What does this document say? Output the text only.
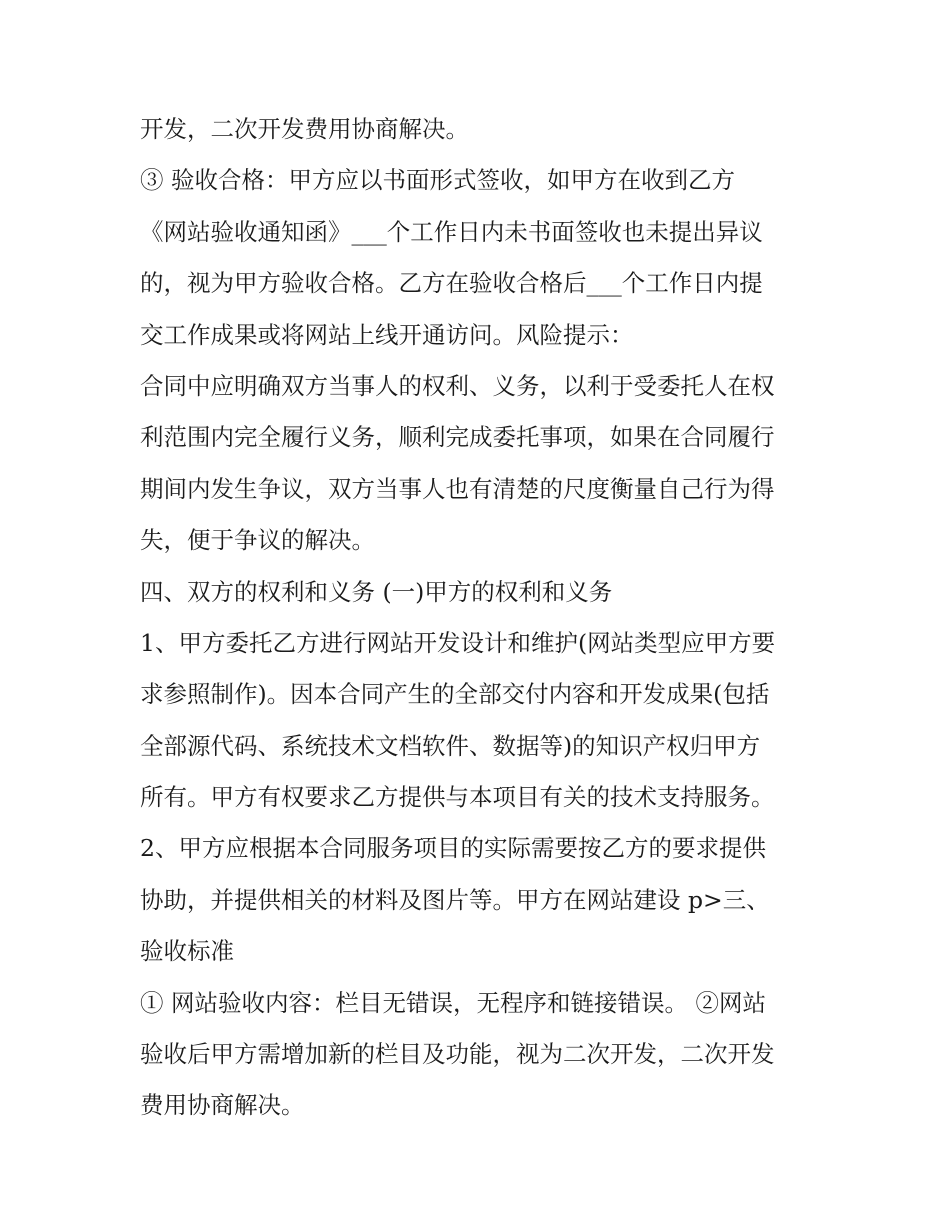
开发，二次开发费用协商解决。
③ 验收合格：甲方应以书面形式签收，如甲方在收到乙方
《网站验收通知函》___个工作日内未书面签收也未提出异议
的，视为甲方验收合格。乙方在验收合格后___个工作日内提
交工作成果或将网站上线开通访问。风险提示：
合同中应明确双方当事人的权利、义务，以利于受委托人在权
利范围内完全履行义务，顺利完成委托事项，如果在合同履行
期间内发生争议，双方当事人也有清楚的尺度衡量自己行为得
失，便于争议的解决。
四、双方的权利和义务 (一)甲方的权利和义务
1、甲方委托乙方进行网站开发设计和维护(网站类型应甲方要
求参照制作)。因本合同产生的全部交付内容和开发成果(包括
全部源代码、系统技术文档软件、数据等)的知识产权归甲方
所有。甲方有权要求乙方提供与本项目有关的技术支持服务。
2、甲方应根据本合同服务项目的实际需要按乙方的要求提供
协助，并提供相关的材料及图片等。甲方在网站建设 p>三、
验收标准
① 网站验收内容：栏目无错误，无程序和链接错误。 ②网站
验收后甲方需增加新的栏目及功能，视为二次开发，二次开发
费用协商解决。
